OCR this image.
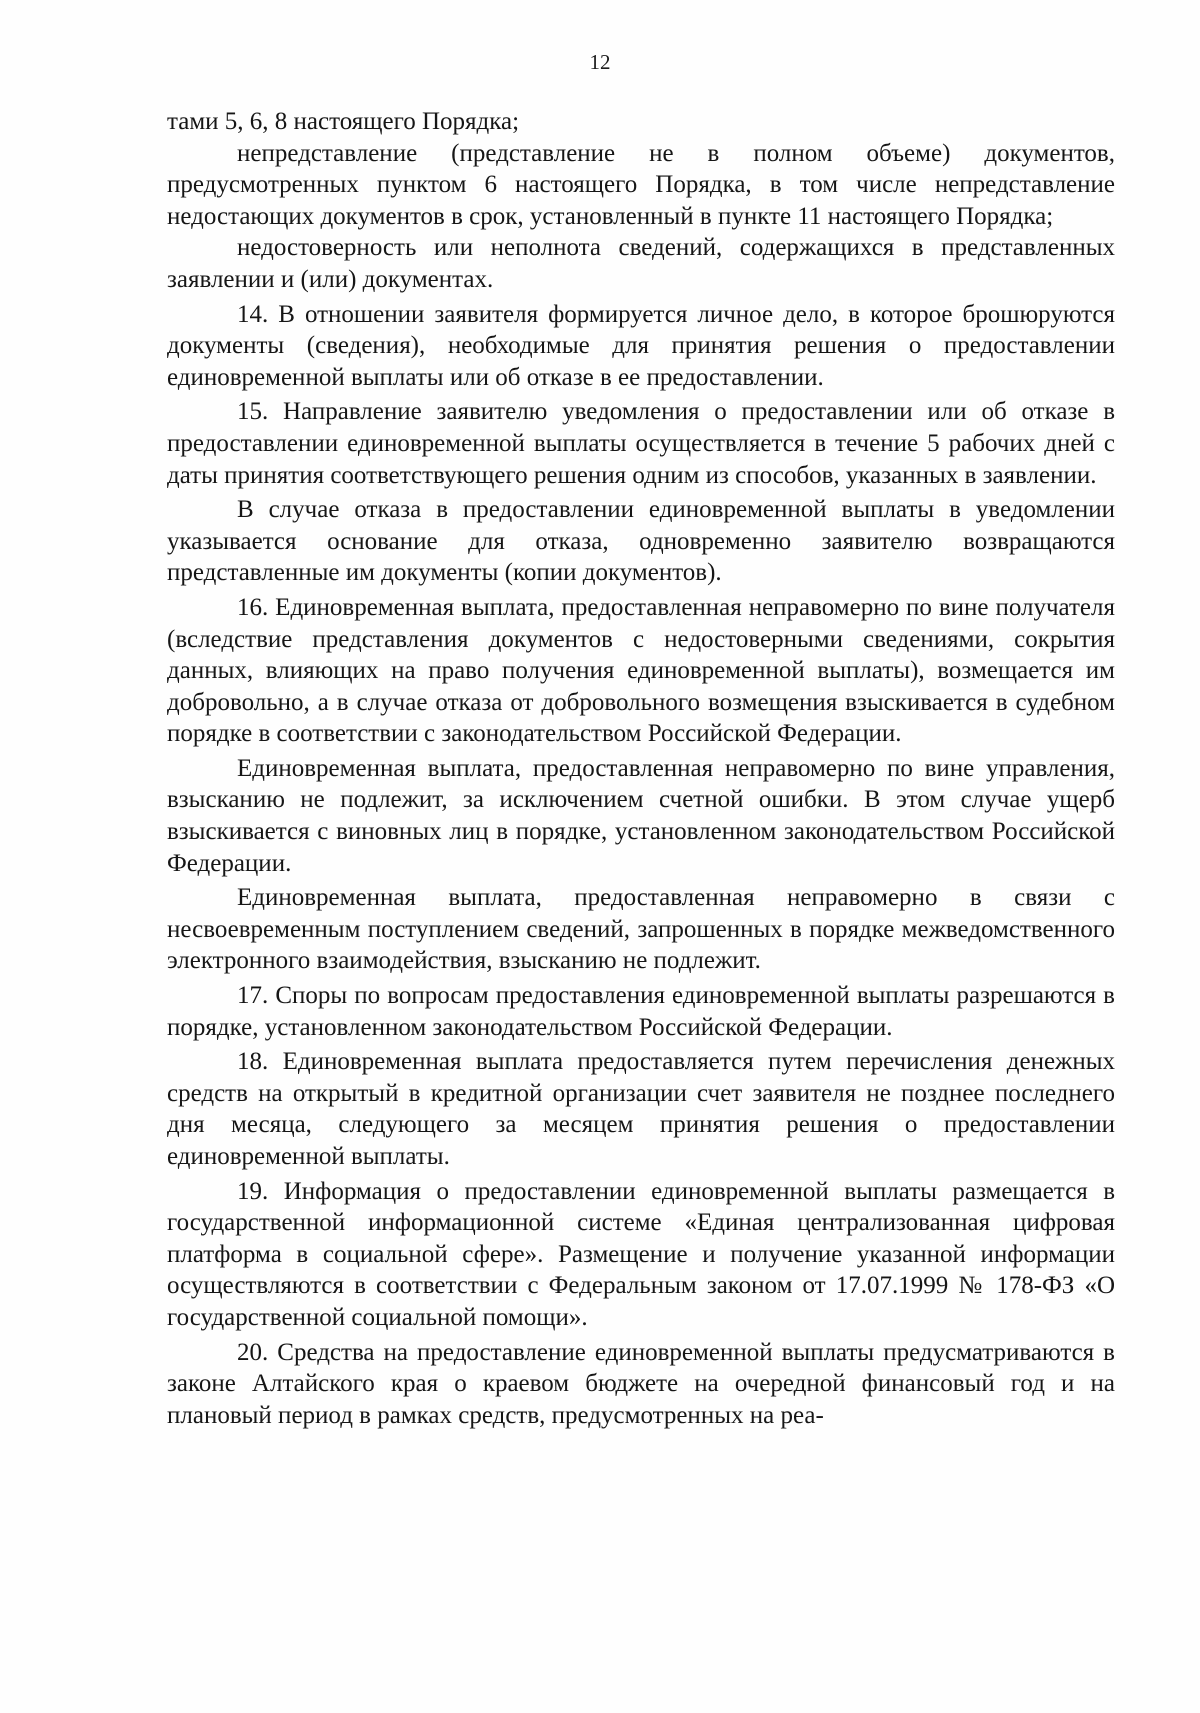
12

тами 5, 6, 8 настоящего Порядка;

непредставление (представление не в полном объеме) документов, предусмотренных пунктом 6 настоящего Порядка, в том числе непредставление недостающих документов в срок, установленный в пункте 11 настоящего Порядка;

недостоверность или неполнота сведений, содержащихся в представленных заявлении и (или) документах.

14. В отношении заявителя формируется личное дело, в которое брошюруются документы (сведения), необходимые для принятия решения о предоставлении единовременной выплаты или об отказе в ее предоставлении.

15. Направление заявителю уведомления о предоставлении или об отказе в предоставлении единовременной выплаты осуществляется в течение 5 рабочих дней с даты принятия соответствующего решения одним из способов, указанных в заявлении.

В случае отказа в предоставлении единовременной выплаты в уведомлении указывается основание для отказа, одновременно заявителю возвращаются представленные им документы (копии документов).

16. Единовременная выплата, предоставленная неправомерно по вине получателя (вследствие представления документов с недостоверными сведениями, сокрытия данных, влияющих на право получения единовременной выплаты), возмещается им добровольно, а в случае отказа от добровольного возмещения взыскивается в судебном порядке в соответствии с законодательством Российской Федерации.

Единовременная выплата, предоставленная неправомерно по вине управления, взысканию не подлежит, за исключением счетной ошибки. В этом случае ущерб взыскивается с виновных лиц в порядке, установленном законодательством Российской Федерации.

Единовременная выплата, предоставленная неправомерно в связи с несвоевременным поступлением сведений, запрошенных в порядке межведомственного электронного взаимодействия, взысканию не подлежит.

17. Споры по вопросам предоставления единовременной выплаты разрешаются в порядке, установленном законодательством Российской Федерации.

18. Единовременная выплата предоставляется путем перечисления денежных средств на открытый в кредитной организации счет заявителя не позднее последнего дня месяца, следующего за месяцем принятия решения о предоставлении единовременной выплаты.

19. Информация о предоставлении единовременной выплаты размещается в государственной информационной системе «Единая централизованная цифровая платформа в социальной сфере». Размещение и получение указанной информации осуществляются в соответствии с Федеральным законом от 17.07.1999 № 178-ФЗ «О государственной социальной помощи».

20. Средства на предоставление единовременной выплаты предусматриваются в законе Алтайского края о краевом бюджете на очередной финансовый год и на плановый период в рамках средств, предусмотренных на реа-
